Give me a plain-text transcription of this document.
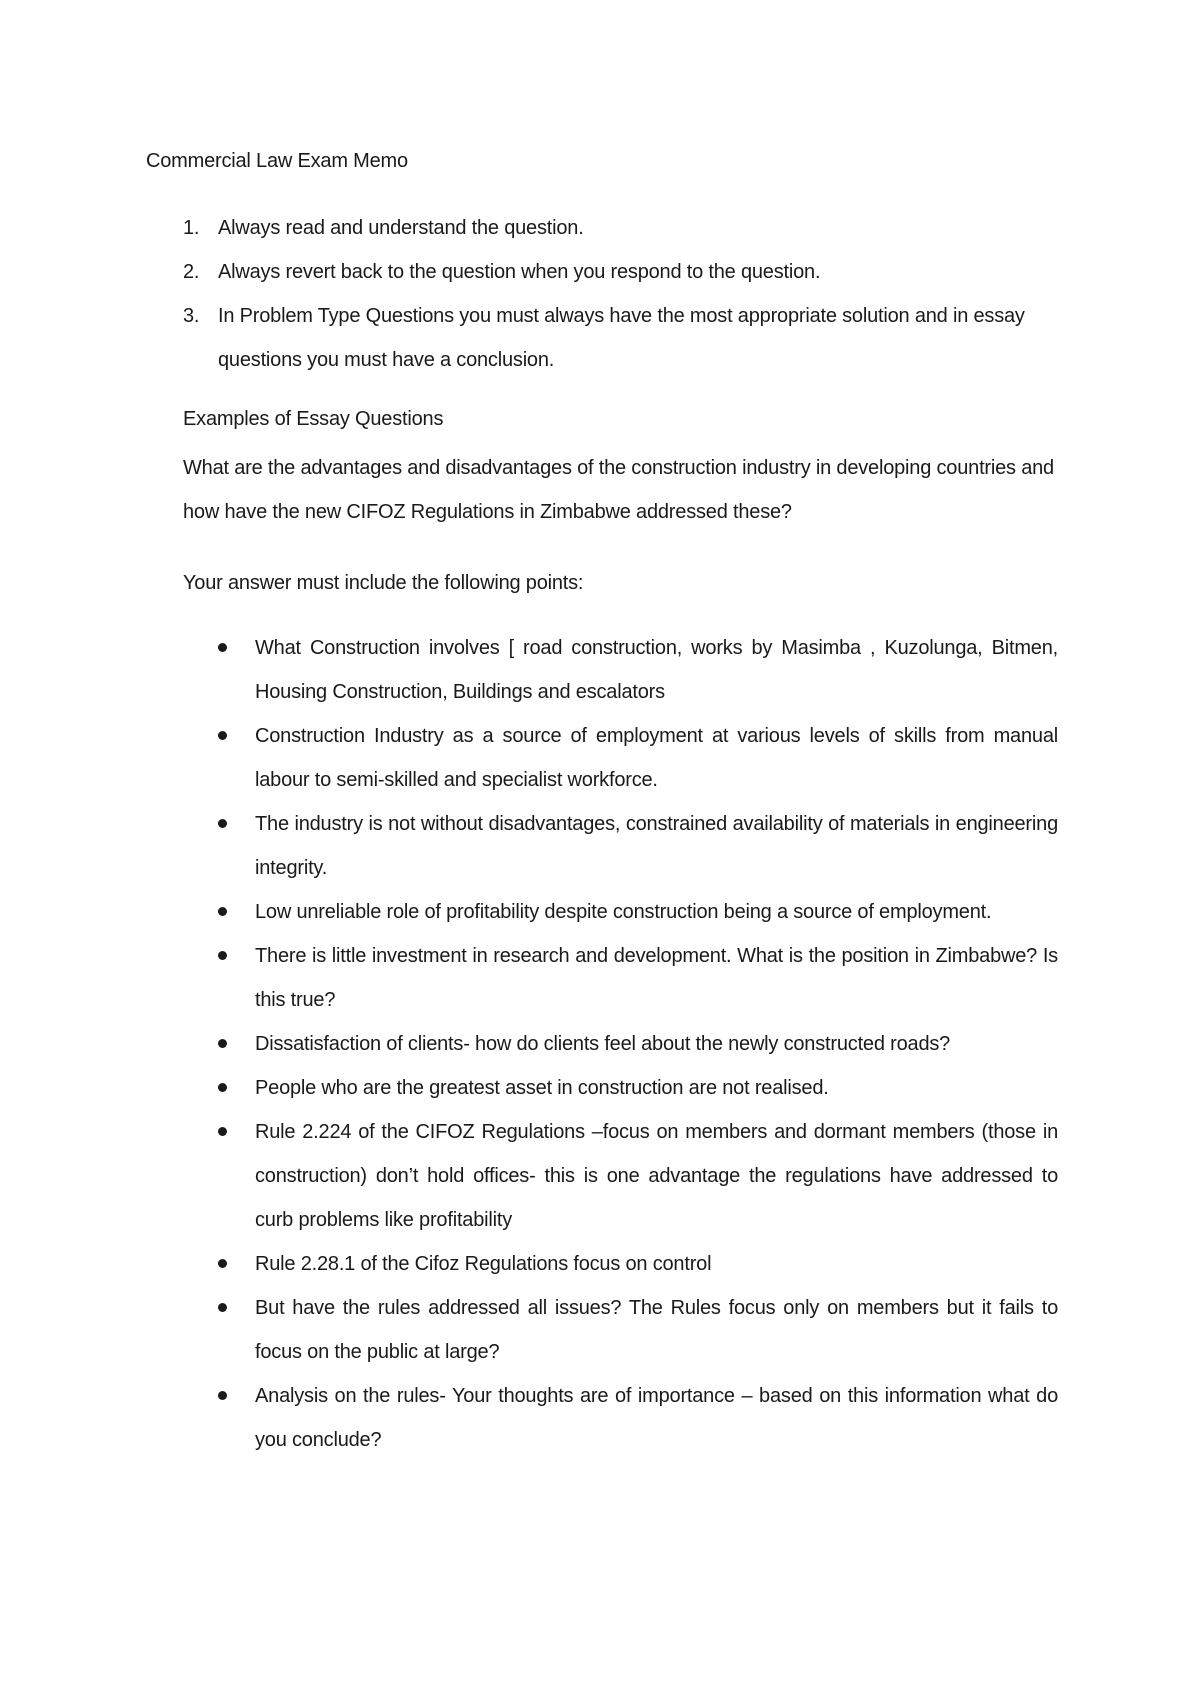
Commercial Law Exam Memo
1. Always read and understand the question.
2. Always revert back to the question when you respond to the question.
3. In Problem Type Questions you must always have the most appropriate solution and in essay questions you must have a conclusion.
Examples of Essay Questions
What are the advantages and disadvantages of the construction industry in developing countries and how have the new CIFOZ Regulations in Zimbabwe addressed these?
Your answer must include the following points:
What Construction involves [ road construction, works by Masimba , Kuzolunga, Bitmen, Housing Construction, Buildings and escalators
Construction Industry as a source of employment at various levels of skills from manual labour to semi-skilled and specialist workforce.
The industry is not without disadvantages, constrained availability of materials in engineering integrity.
Low unreliable role of profitability despite construction being a source of employment.
There is little investment in research and development. What is the position in Zimbabwe? Is this true?
Dissatisfaction of clients- how do clients feel about the newly constructed roads?
People who are the greatest asset in construction are not realised.
Rule 2.224 of the CIFOZ Regulations –focus on members and dormant members (those in construction) don’t hold offices- this is one advantage the regulations have addressed to curb problems like profitability
Rule 2.28.1 of the Cifoz Regulations focus on control
But have the rules addressed all issues? The Rules focus only on members but it fails to focus on the public at large?
Analysis on the rules- Your thoughts are of importance – based on this information what do you conclude?
